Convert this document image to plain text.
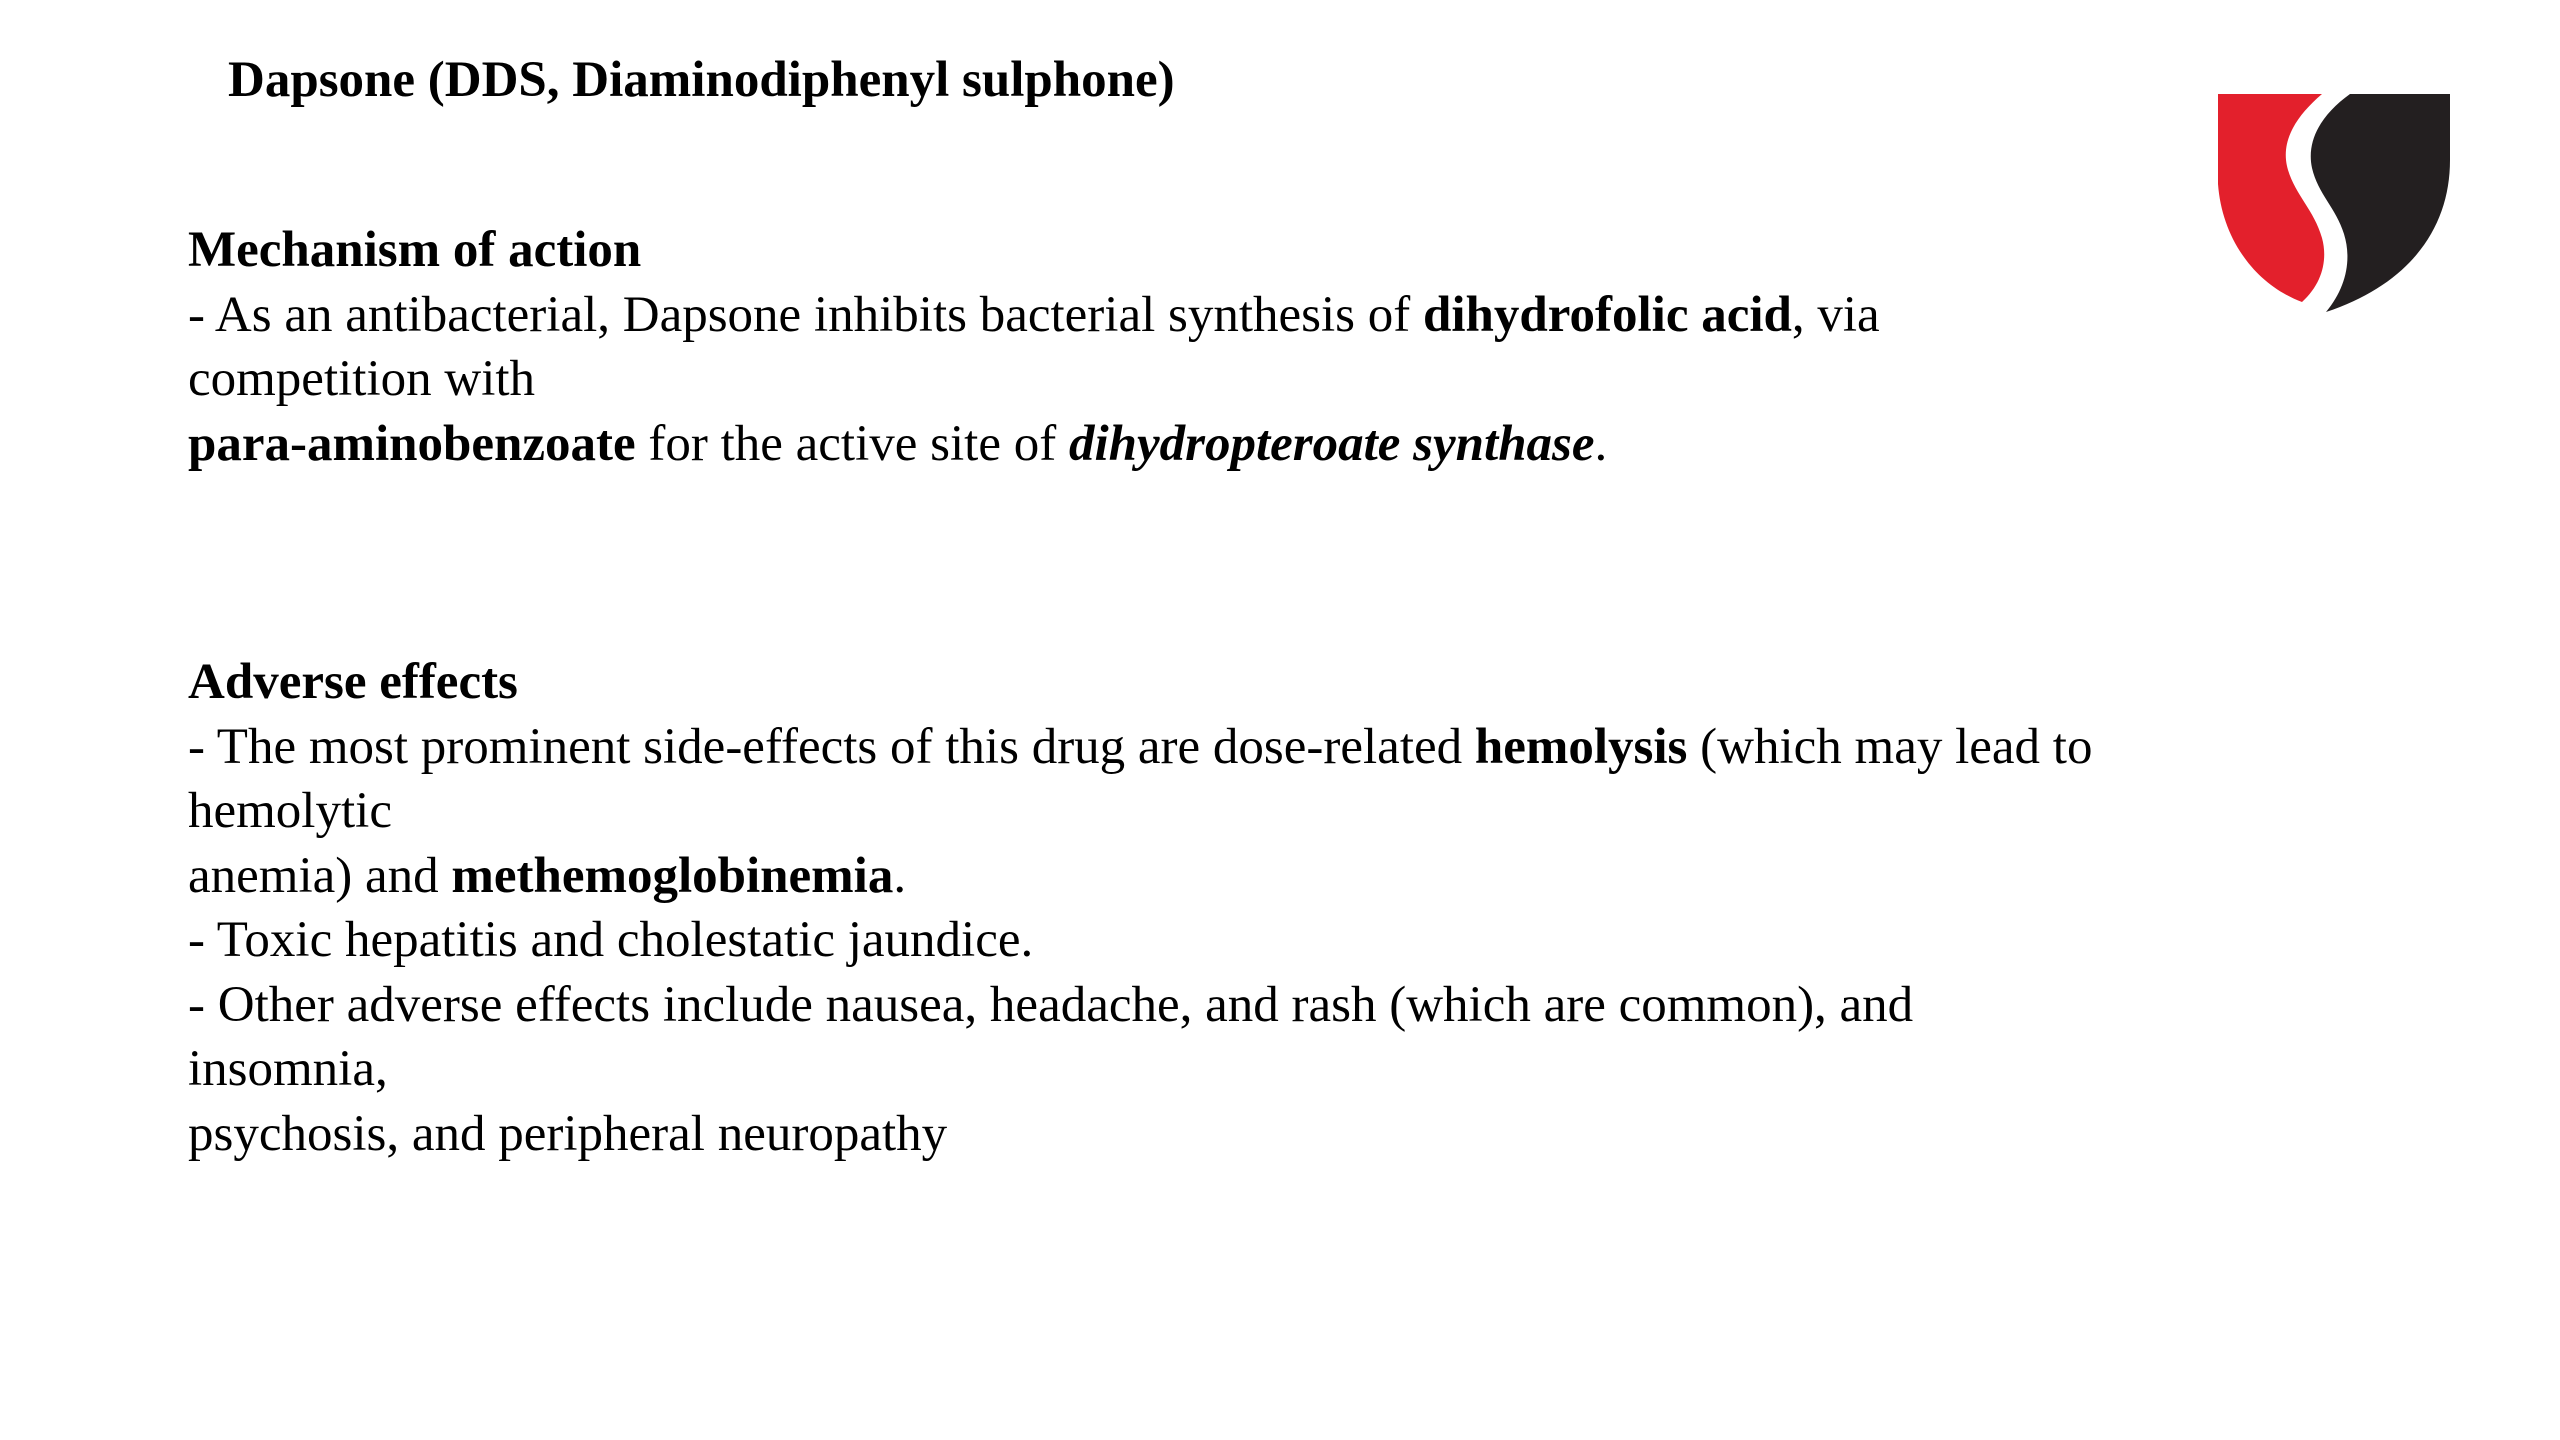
Dapsone (DDS, Diaminodiphenyl sulphone)
Mechanism of action
- As an antibacterial, Dapsone inhibits bacterial synthesis of dihydrofolic acid, via
competition with
para-aminobenzoate for the active site of dihydropteroate synthase.
Adverse effects
- The most prominent side-effects of this drug are dose-related hemolysis (which may lead to
hemolytic
anemia) and methemoglobinemia.
- Toxic hepatitis and cholestatic jaundice.
- Other adverse effects include nausea, headache, and rash (which are common), and
insomnia,
psychosis, and peripheral neuropathy
